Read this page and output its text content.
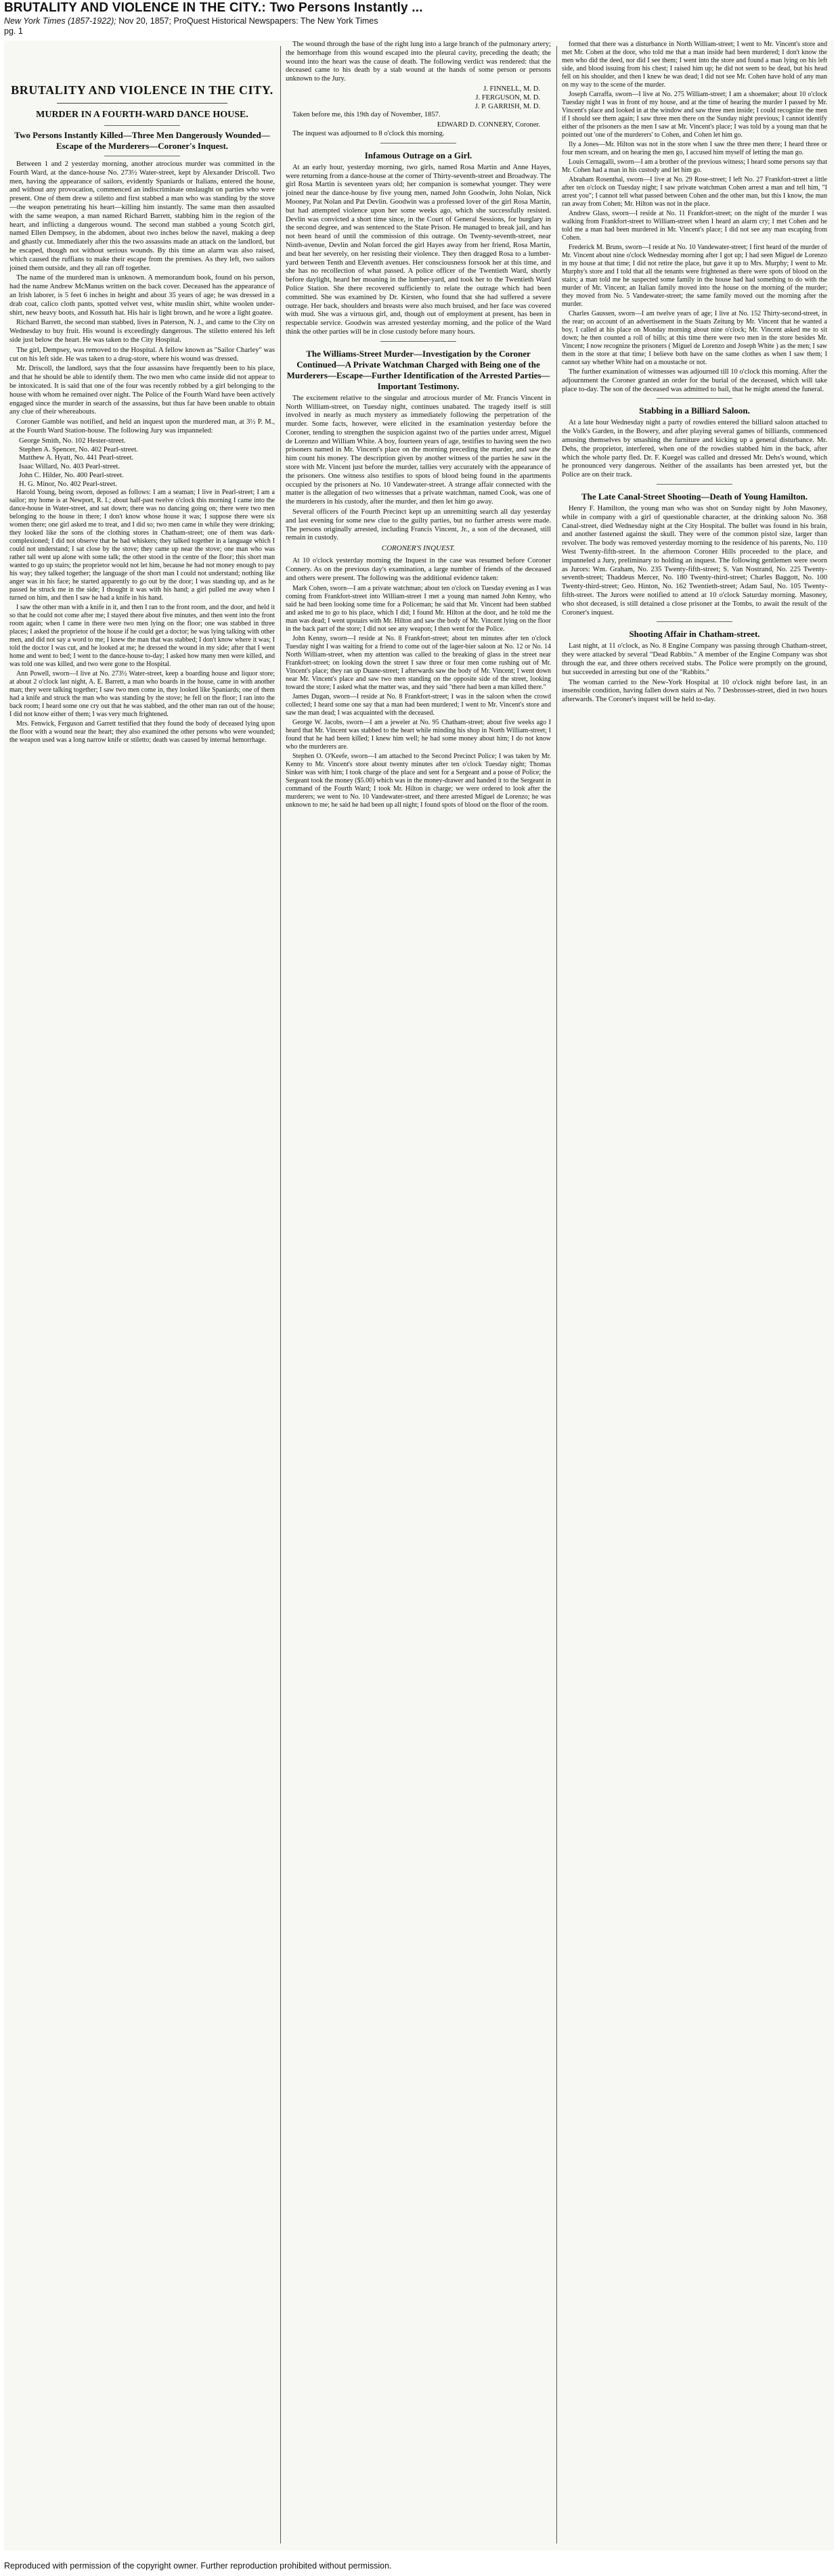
BRUTALITY AND VIOLENCE IN THE CITY.: Two Persons Instantly ...
New York Times (1857-1922); Nov 20, 1857; ProQuest Historical Newspapers: The New York Times
pg. 1
BRUTALITY AND VIOLENCE IN THE CITY.
MURDER IN A FOURTH-WARD DANCE HOUSE.
Two Persons Instantly Killed—Three Men Dangerously Wounded—Escape of the Murderers—Coroner's Inquest.

Between 1 and 2 yesterday morning, another atrocious murder was committed in the Fourth Ward, at the dance-house No. 273½ Water-street, kept by Alexander Driscoll. Two men, having the appearance of sailors, evidently Spaniards or Italians, entered the house, and without any provocation, commenced an indiscriminate onslaught on parties who were present. One of them drew a stiletto and first stabbed a man who was standing by the stove—the weapon penetrating his heart—killing him instantly. The same man then assaulted with the same weapon, a man named Richard Barrett, stabbing him in the region of the heart, and inflicting a dangerous wound. The second man stabbed a young Scotch girl, named Ellen Dempsey, in the abdomen, about two inches below the navel, making a deep and ghastly cut. Immediately after this the two assassins made an attack on the landlord, but he escaped, though not without serious wounds. By this time an alarm was also raised, which caused the ruffians to make their escape from the premises. As they left, two sailors joined them outside, and they all ran off together.

The name of the murdered man is unknown. A memorandum book, found on his person, had the name Andrew McManus written on the back cover. Deceased has the appearance of an Irish laborer, is 5 feet 6 inches in height and about 35 years of age; he was dressed in a drab coat, calico cloth pants, spotted velvet vest, white muslin shirt, white woolen under-shirt, new heavy boots, and Kossuth hat. His hair is light brown, and he wore a light goatee.

Richard Barrett, the second man stabbed, lives in Paterson, N. J., and came to the City on Wednesday to buy fruit. His wound is exceedingly dangerous. The stiletto entered his left side just below the heart. He was taken to the City Hospital.

The girl, Dempsey, was removed to the Hospital. A fellow known as "Sailor Charley" was cut on his left side. He was taken to a drug-store, where his wound was dressed.

Mr. Driscoll, the landlord, says that the four assassins have frequently been to his place, and that he should be able to identify them. The two men who came inside did not appear to be intoxicated. It is said that one of the four was recently robbed by a girl belonging to the house with whom he remained over night. The Police of the Fourth Ward have been actively engaged since the murder in search of the assassins, but thus far have been unable to obtain any clue of their whereabouts.

Coroner Gamble was notified, and held an inquest upon the murdered man, at 3½ P. M., at the Fourth Ward Station-house. The following Jury was impanneled:

George Smith, No. 102 Hester-street.

Stephen A. Spencer, No. 402 Pearl-street.

Matthew A. Hyatt, No. 441 Pearl-street.

Isaac Willard, No. 403 Pearl-street.

John C. Hilder, No. 400 Pearl-street.

H. G. Minor, No. 402 Pearl-street.

Harold Young, being sworn, deposed as follows: I am a seaman; I live in Pearl-street; I am a sailor; my home is at Newport, R. I.; about half-past twelve o'clock this morning I came into the dance-house in Water-street, and sat down; there was no dancing going on; there were two men belonging to the house in there; I don't know whose house it was; I suppose there were six women there; one girl asked me to treat, and I did so; two men came in while they were drinking; they looked like the sons of the clothing stores in Chatham-street; one of them was dark-complexioned; I did not observe that he had whiskers; they talked together in a language which I could not understand; I sat close by the stove; they came up near the stove; one man who was rather tall went up alone with some talk; the other stood in the centre of the floor; this short man wanted to go up stairs; the proprietor would not let him, because he had not money enough to pay his way; they talked together; the language of the short man I could not understand; nothing like anger was in his face; he started apparently to go out by the door; I was standing up, and as he passed he struck me in the side; I thought it was with his hand; a girl pulled me away when I turned on him, and then I saw he had a knife in his hand.

I saw the other man with a knife in it, and then I ran to the front room, and the door, and held it so that he could not come after me; I stayed there about five minutes, and then went into the front room again; when I came in there were two men lying on the floor; one was stabbed in three places; I asked the proprietor of the house if he could get a doctor; he was lying talking with other men, and did not say a word to me; I knew the man that was stabbed; I don't know where it was; I told the doctor I was cut, and he looked at me; he dressed the wound in my side; after that I went home and went to bed; I went to the dance-house to-day; I asked how many men were killed, and was told one was killed, and two were gone to the Hospital.

Ann Powell, sworn—I live at No. 273½ Water-street, keep a boarding house and liquor store; at about 2 o'clock last night, A. E. Barrett, a man who boards in the house, came in with another man; they were talking together; I saw two men come in, they looked like Spaniards; one of them had a knife and struck the man who was standing by the stove; he fell on the floor; I ran into the back room; I heard some one cry out that he was stabbed, and the other man ran out of the house; I did not know either of them; I was very much frightened.

Mrs. Fenwick, Ferguson and Garrett testified that they found the body of deceased lying upon the floor with a wound near the heart; they also examined the other persons who were wounded; the weapon used was a long narrow knife or stiletto; death was caused by internal hemorrhage.

The wound through the base of the right lung into a large branch of the pulmonary artery; the hemorrhage from this wound escaped into the pleural cavity, preceding the death; the wound into the heart was the cause of death. The following verdict was rendered: that the deceased came to his death by a stab wound at the hands of some person or persons unknown to the Jury.

J. FINNELL, M. D.
J. FERGUSON, M. D.
J. P. GARRISH, M. D.

Taken before me, this 19th day of November, 1857.

EDWARD D. CONNERY, Coroner.

The inquest was adjourned to 8 o'clock this morning.

Infamous Outrage on a Girl.

At an early hour, yesterday morning, two girls, named Rosa Martin and Anne Hayes, were returning from a dance-house at the corner of Thirty-seventh-street and Broadway. The girl Rosa Martin is seventeen years old; her companion is somewhat younger. They were joined near the dance-house by five young men, named John Goodwin, John Nolan, Nick Mooney, Pat Nolan and Pat Devlin. Goodwin was a professed lover of the girl Rosa Martin, but had attempted violence upon her some weeks ago, which she successfully resisted. Devlin was convicted a short time since, in the Court of General Sessions, for burglary in the second degree, and was sentenced to the State Prison. He managed to break jail, and has not been heard of until the commission of this outrage. On Twenty-seventh-street, near Ninth-avenue, Devlin and Nolan forced the girl Hayes away from her friend, Rosa Martin, and beat her severely, on her resisting their violence. They then dragged Rosa to a lumber-yard between Tenth and Eleventh avenues. Her consciousness forsook her at this time, and she has no recollection of what passed. A police officer of the Twentieth Ward, shortly before daylight, heard her moaning in the lumber-yard, and took her to the Twentieth Ward Police Station. She there recovered sufficiently to relate the outrage which had been committed. She was examined by Dr. Kirsten, who found that she had suffered a severe outrage. Her back, shoulders and breasts were also much bruised, and her face was covered with mud. She was a virtuous girl, and, though out of employment at present, has been in respectable service. Goodwin was arrested yesterday morning, and the police of the Ward think the other parties will be in close custody before many hours.

The Williams-Street Murder—Investigation by the Coroner Continued—A Private Watchman Charged with Being one of the Murderers—Escape—Further Identification of the Arrested Parties—Important Testimony.

The excitement relative to the singular and atrocious murder of Mr. Francis Vincent in North William-street, on Tuesday night, continues unabated. The tragedy itself is still involved in nearly as much mystery as immediately following the perpetration of the murder. Some facts, however, were elicited in the examination yesterday before the Coroner, tending to strengthen the suspicion against two of the parties under arrest, Miguel de Lorenzo and William White. A boy, fourteen years of age, testifies to having seen the two prisoners named in Mr. Vincent's place on the morning preceding the murder, and saw the him count his money. The description given by another witness of the parties he saw in the store with Mr. Vincent just before the murder, tallies very accurately with the appearance of the prisoners. One witness also testifies to spots of blood being found in the apartments occupied by the prisoners at No. 10 Vandewater-street. A strange affair connected with the matter is the allegation of two witnesses that a private watchman, named Cook, was one of the murderers in his custody, after the murder, and then let him go away.

Several officers of the Fourth Precinct kept up an unremitting search all day yesterday and last evening for some new clue to the guilty parties, but no further arrests were made. The persons originally arrested, including Francis Vincent, Jr., a son of the deceased, still remain in custody.

CORONER'S INQUEST.

At 10 o'clock yesterday morning the Inquest in the case was resumed before Coroner Connery. As on the previous day's examination, a large number of friends of the deceased and others were present. The following was the additional evidence taken:

Mark Cohen, sworn—I am a private watchman; about ten o'clock on Tuesday evening as I was coming from Frankfort-street into William-street I met a young man named John Kenny, who said he had been looking some time for a Policeman; he said that Mr. Vincent had been stabbed and asked me to go to his place, which I did; I found Mr. Hilton at the door, and he told me the man was dead; I went upstairs with Mr. Hilton and saw the body of Mr. Vincent lying on the floor in the back part of the store; I did not see any weapon; I then went for the Police.

John Kenny, sworn—I reside at No. 8 Frankfort-street; about ten minutes after ten o'clock Tuesday night I was waiting for a friend to come out of the lager-bier saloon at No. 12 or No. 14 North William-street, when my attention was called to the breaking of glass in the street near Frankfort-street; on looking down the street I saw three or four men come rushing out of Mr. Vincent's place; they ran up Duane-street; I afterwards saw the body of Mr. Vincent; I went down near Mr. Vincent's place and saw two men standing on the opposite side of the street, looking toward the store; I asked what the matter was, and they said "there had been a man killed there."

James Dugan, sworn—I reside at No. 8 Frankfort-street; I was in the saloon when the crowd collected; I heard some one say that a man had been murdered; I went to Mr. Vincent's store and saw the man dead; I was acquainted with the deceased.

George W. Jacobs, sworn—I am a jeweler at No. 95 Chatham-street; about five weeks ago I heard that Mr. Vincent was stabbed to the heart while minding his shop in North William-street; I found that he had been killed; I knew him well; he had some money about him; I do not know who the murderers are.

Stephen O. O'Keefe, sworn—I am attached to the Second Precinct Police; I was taken by Mr. Kenny to Mr. Vincent's store about twenty minutes after ten o'clock Tuesday night; Thomas Sinker was with him; I took charge of the place and sent for a Sergeant and a posse of Police; the Sergeant took the money ($5.00) which was in the money-drawer and handed it to the Sergeant in command of the Fourth Ward; I took Mr. Hilton in charge; we were ordered to look after the murderers; we went to No. 10 Vandewater-street, and there arrested Miguel de Lorenzo; he was unknown to me; he said he had been up all night; I found spots of blood on the floor of the room.

formed that there was a disturbance in North William-street; I went to Mr. Vincent's store and met Mr. Cohen at the door, who told me that a man inside had been murdered; I don't know the men who did the deed, nor did I see them; I went into the store and found a man lying on his left side, and blood issuing from his chest; I raised him up; he did not seem to be dead, but his head fell on his shoulder, and then I knew he was dead; I did not see Mr. Cohen have hold of any man on my way to the scene of the murder.

Joseph Carraffa, sworn—I live at No. 275 William-street; I am a shoemaker; about 10 o'clock Tuesday night I was in front of my house, and at the time of hearing the murder I passed by Mr. Vincent's place and looked in at the window and saw three men inside; I could recognize the men if I should see them again; I saw three men there on the Sunday night previous; I cannot identify either of the prisoners as the men I saw at Mr. Vincent's place; I was told by a young man that he pointed out 'one of the murderers' to Cohen, and Cohen let him go.

Ily a Jones—Mr. Hilton was not in the store when I saw the three men there; I heard three or four men scream, and on hearing the men go, I accused him myself of letting the man go.

Louis Cernagalli, sworn—I am a brother of the previous witness; I heard some persons say that Mr. Cohen had a man in his custody and let him go.

Abraham Rosenthal, sworn—I live at No. 29 Rose-street; I left No. 27 Frankfort-street a little after ten o'clock on Tuesday night; I saw private watchman Cohen arrest a man and tell him, "I arrest you"; I cannot tell what passed between Cohen and the other man, but this I know, the man ran away from Cohen; Mr. Hilton was not in the place.

Andrew Glass, sworn—I reside at No. 11 Frankfort-street; on the night of the murder I was walking from Frankfort-street to William-street when I heard an alarm cry; I met Cohen and he told me a man had been murdered in Mr. Vincent's place; I did not see any man escaping from Cohen.

Frederick M. Bruns, sworn—I reside at No. 10 Vandewater-street; I first heard of the murder of Mr. Vincent about nine o'clock Wednesday morning after I got up; I had seen Miguel de Lorenzo in my house at that time; I did not retire the place, but gave it up to Mrs. Murphy; I went to Mr. Murphy's store and I told that all the tenants were frightened as there were spots of blood on the stairs; a man told me he suspected some family in the house had had something to do with the murder of Mr. Vincent; an Italian family moved into the house on the morning of the murder; they moved from No. 5 Vandewater-street; the same family moved out the morning after the murder.

Charles Gaussen, sworn—I am twelve years of age; I live at No. 152 Thirty-second-street, in the rear; on account of an advertisement in the Staats Zeitung by Mr. Vincent that he wanted a boy, I called at his place on Monday morning about nine o'clock; Mr. Vincent asked me to sit down; he then counted a roll of bills; at this time there were two men in the store besides Mr. Vincent; I now recognize the prisoners ( Miguel de Lorenzo and Joseph White ) as the men; I saw them in the store at that time; I believe both have on the same clothes as when I saw them; I cannot say whether White had on a moustache or not.

The further examination of witnesses was adjourned till 10 o'clock this morning. After the adjournment the Coroner granted an order for the burial of the deceased, which will take place to-day. The son of the deceased was admitted to bail, that he might attend the funeral.

Stabbing in a Billiard Saloon.

At a late hour Wednesday night a party of rowdies entered the billiard saloon attached to the Volk's Garden, in the Bowery, and after playing several games of billiards, commenced amusing themselves by smashing the furniture and kicking up a general disturbance. Mr. Dehs, the proprietor, interfered, when one of the rowdies stabbed him in the back, after which the whole party fled. Dr. F. Kuegel was called and dressed Mr. Dehs's wound, which he pronounced very dangerous. Neither of the assailants has been arrested yet, but the Police are on their track.

The Late Canal-Street Shooting—Death of Young Hamilton.

Henry F. Hamilton, the young man who was shot on Sunday night by John Masoney, while in company with a girl of questionable character, at the drinking saloon No. 368 Canal-street, died Wednesday night at the City Hospital. The bullet was found in his brain, and another fastened against the skull. They were of the common pistol size, larger than revolver. The body was removed yesterday morning to the residence of his parents, No. 110 West Twenty-fifth-street. In the afternoon Coroner Hills proceeded to the place, and impanneled a Jury, preliminary to holding an inquest. The following gentlemen were sworn as Jurors: Wm. Graham, No. 235 Twenty-fifth-street; S. Van Nostrand, No. 225 Twenty-seventh-street; Thaddeus Mercer, No. 180 Twenty-third-street; Charles Baggott, No. 100 Twenty-third-street; Geo. Hinton, No. 162 Twentieth-street; Adam Saul, No. 105 Twenty-fifth-street. The Jurors were notified to attend at 10 o'clock Saturday morning. Masoney, who shot deceased, is still detained a close prisoner at the Tombs, to await the result of the Coroner's inquest.

Shooting Affair in Chatham-street.

Last night, at 11 o'clock, as No. 8 Engine Company was passing through Chatham-street, they were attacked by several "Dead Rabbits." A member of the Engine Company was shot through the ear, and three others received stabs. The Police were promptly on the ground, but succeeded in arresting but one of the "Rabbits."

The woman carried to the New-York Hospital at 10 o'clock night before last, in an insensible condition, having fallen down stairs at No. 7 Desbrosses-street, died in two hours afterwards. The Coroner's inquest will be held to-day.

Reproduced with permission of the copyright owner. Further reproduction prohibited without permission.
